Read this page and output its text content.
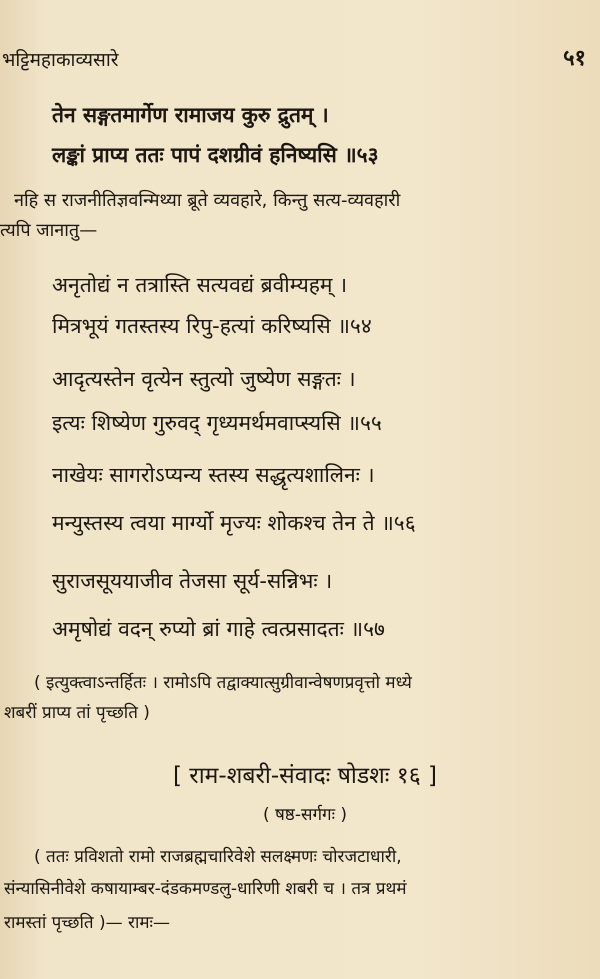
भट्टिमहाकाव्यसारे	५१
तेन सङ्गतमार्गेण रामाजय कुरु द्रुतम् ।
लङ्कां प्राप्य ततः पापं दशग्रीवं हनिष्यसि ॥५३
नहि स राजनीतिज्ञवन्मिथ्या ब्रूते व्यवहारे, किन्तु सत्य-व्यवहारी
त्यपि जानातु—
अनृतोद्यं न तत्रास्ति सत्यवद्यं ब्रवीम्यहम् ।
मित्रभूयं गतस्तस्य रिपु-हत्यां करिष्यसि ॥५४
आदृत्यस्तेन वृत्येन स्तुत्यो जुष्येण सङ्गतः ।
इत्यः शिष्येण गुरुवद् गृध्यमर्थमवाप्स्यसि ॥५५
नाखेयः सागरोऽप्यन्य स्तस्य सद्धृत्यशालिनः ।
मन्युस्तस्य त्वया मार्ग्यो मृज्यः शोकश्च तेन ते ॥५६
सुराजसूययाजीव तेजसा सूर्य-सन्निभः ।
अमृषोद्यं वदन् रुप्यो ब्रां गाहे त्वत्प्रसादतः ॥५७
( इत्युक्त्वाऽन्तर्हितः । रामोऽपि तद्वाक्यात्सुग्रीवान्वेषणप्रवृत्तो मध्ये
शबरीं प्राप्य तां पृच्छति )
[ राम-शबरी-संवादः षोडशः १६ ]
( षष्ठ-सर्गगः )
( ततः प्रविशतो रामो राजब्रह्मचारिवेशे सलक्ष्मणः चोरजटाधारी,
संन्यासिनीवेशे कषायाम्बर-दंडकमण्डलु-धारिणी शबरी च । तत्र प्रथमं
रामस्तां पृच्छति )— रामः—
